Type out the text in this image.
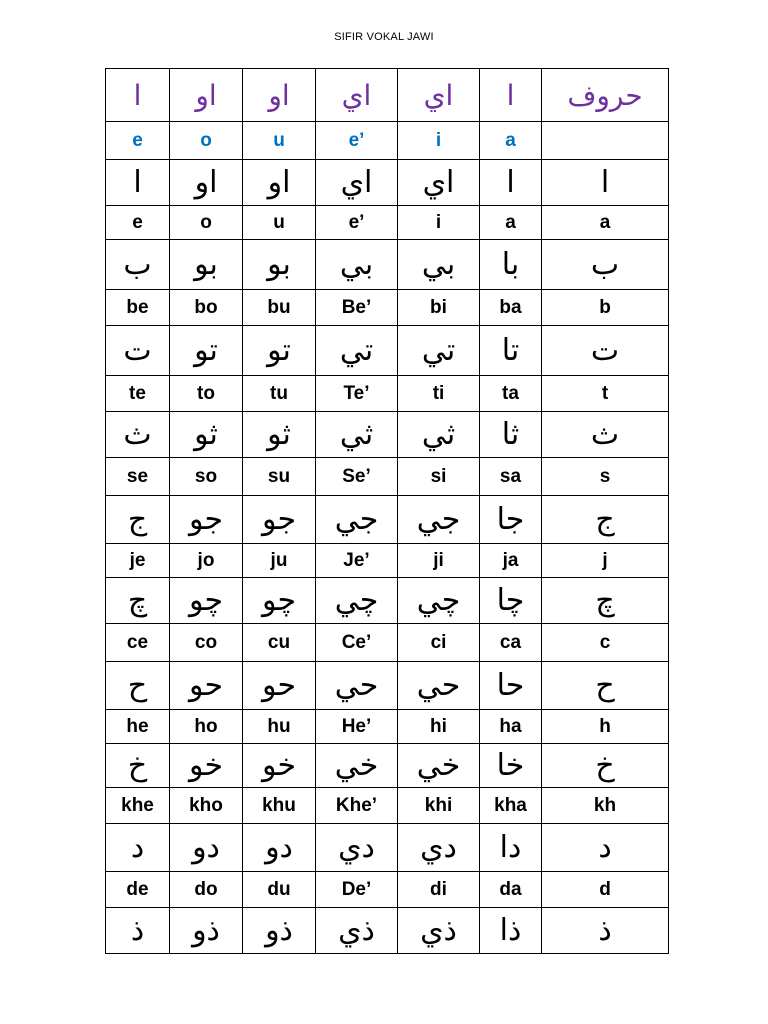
SIFIR VOKAL JAWI
ا	او	او	اي	اي	ا	حروف
e	o	u	e’	i	a	
ا	او	او	اي	اي	ا	ا
e	o	u	e’	i	a	a
ب	بو	بو	بي	بي	با	ب
be	bo	bu	Be’	bi	ba	b
ت	تو	تو	تي	تي	تا	ت
te	to	tu	Te’	ti	ta	t
ث	ثو	ثو	ثي	ثي	ثا	ث
se	so	su	Se’	si	sa	s
ج	جو	جو	جي	جي	جا	ج
je	jo	ju	Je’	ji	ja	j
چ	چو	چو	چي	چي	چا	چ
ce	co	cu	Ce’	ci	ca	c
ح	حو	حو	حي	حي	حا	ح
he	ho	hu	He’	hi	ha	h
خ	خو	خو	خي	خي	خا	خ
khe	kho	khu	Khe’	khi	kha	kh
د	دو	دو	دي	دي	دا	د
de	do	du	De’	di	da	d
ذ	ذو	ذو	ذي	ذي	ذا	ذ
